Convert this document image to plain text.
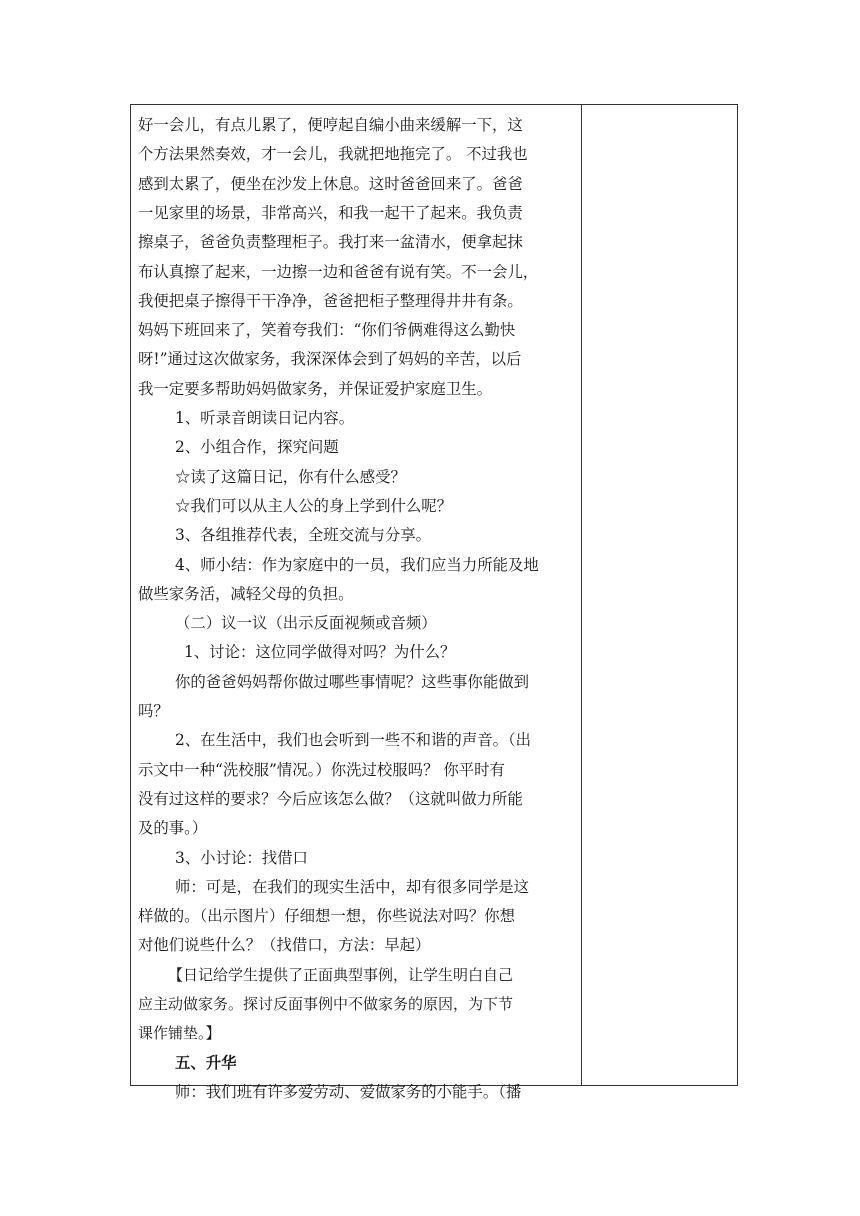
好一会儿，有点儿累了，便哼起自编小曲来缓解一下，这
个方法果然奏效，才一会儿，我就把地拖完了。 不过我也
感到太累了，便坐在沙发上休息。这时爸爸回来了。爸爸
一见家里的场景，非常高兴，和我一起干了起来。我负责
擦桌子，爸爸负责整理柜子。我打来一盆清水，便拿起抹
布认真擦了起来，一边擦一边和爸爸有说有笑。不一会儿，
我便把桌子擦得干干净净，爸爸把柜子整理得井井有条。
妈妈下班回来了，笑着夸我们：“你们爷俩难得这么勤快
呀!”通过这次做家务，我深深体会到了妈妈的辛苦，以后
我一定要多帮助妈妈做家务，并保证爱护家庭卫生。
1、听录音朗读日记内容。
2、小组合作，探究问题
☆读了这篇日记，你有什么感受？
☆我们可以从主人公的身上学到什么呢？
3、各组推荐代表，全班交流与分享。
4、师小结：作为家庭中的一员，我们应当力所能及地
做些家务活，减轻父母的负担。
（二）议一议（出示反面视频或音频）
1、讨论：这位同学做得对吗？为什么？
你的爸爸妈妈帮你做过哪些事情呢？这些事你能做到
吗？
2、在生活中，我们也会听到一些不和谐的声音。（出
示文中一种“洗校服”情况。）你洗过校服吗？ 你平时有
没有过这样的要求？今后应该怎么做？（这就叫做力所能
及的事。）
3、小讨论：找借口
师：可是，在我们的现实生活中，却有很多同学是这
样做的。（出示图片）仔细想一想，你些说法对吗？你想
对他们说些什么？（找借口，方法：早起）
【日记给学生提供了正面典型事例，让学生明白自己
应主动做家务。探讨反面事例中不做家务的原因，为下节
课作铺垫。】
五、升华
师：我们班有许多爱劳动、爱做家务的小能手。（播
